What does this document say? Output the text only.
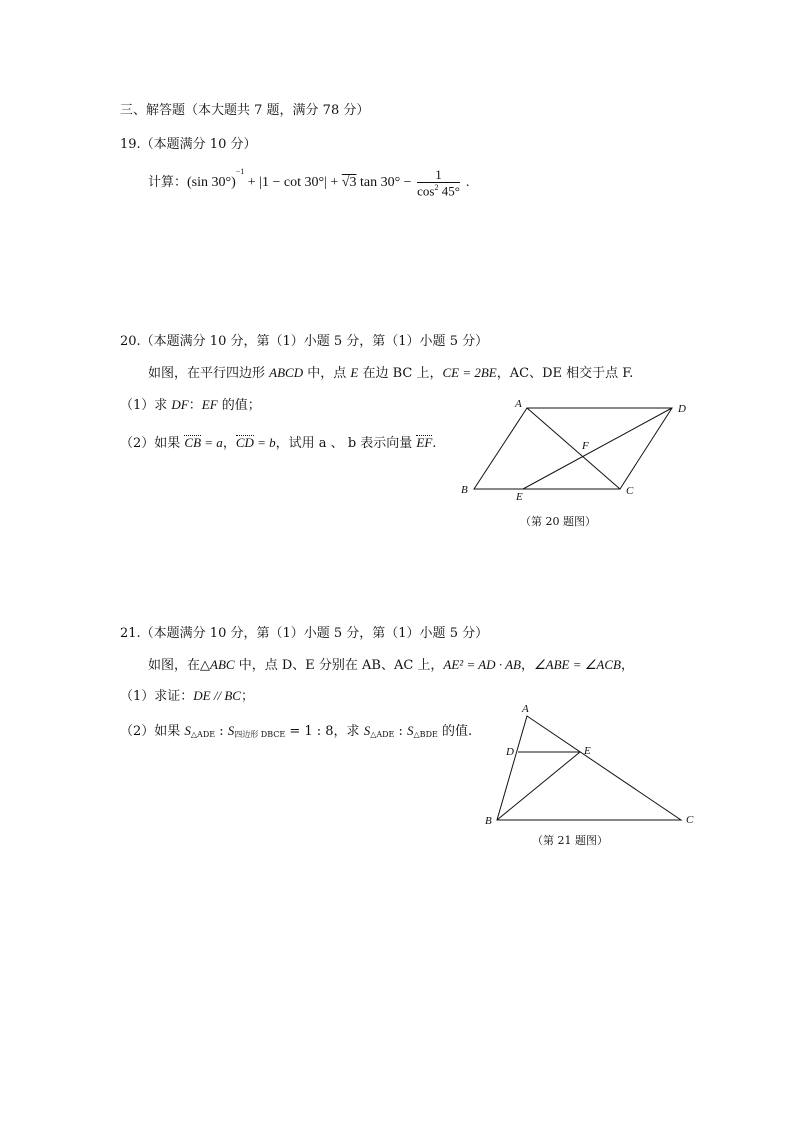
三、解答题（本大题共 7 题，满分 78 分）
19.（本题满分 10 分）
计算： (sin 30°)
$^{-1}$
+ |1 − cot 30°| + √3 $\tan 30^\circ - \frac{1}{\cos^2 45^\circ}$ .
20.（本题满分 10 分，第（1）小题 5 分，第（1）小题 5 分）
如图，在平行四边形 ABCD 中，点 E 在边 BC 上，CE = 2BE，AC、DE 相交于点 F.
（1）求 DF：EF 的值；
（2）如果 CB = a，CD = b，试用 a 、 b 表示向量 EF.
A	D
F
B
E	C
（第 20 题图）
21.（本题满分 10 分，第（1）小题 5 分，第（1）小题 5 分）
如图，在△ABC 中，点 D、E 分别在 AB、AC 上，AE² = AD · AB，∠ABE = ∠ACB，
（1）求证：DE // BC；
（2）如果 $S_{\triangle ADE}$ : $S_{四边形 DBCE} = 1$ : 8，求 $S_{\triangle ADE}$ : $S_{\triangle BDE}$ 的值.
A
D	E
B	C
（第 21 题图）
